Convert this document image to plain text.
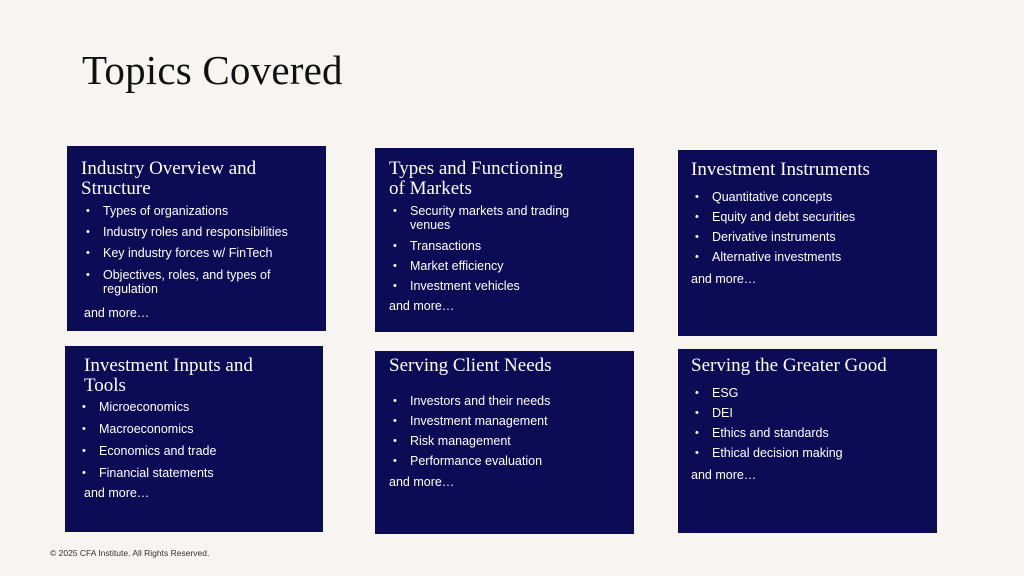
Topics Covered
Industry Overview and
Structure
• Types of organizations
• Industry roles and responsibilities
• Key industry forces w/ FinTech
• Objectives, roles, and types of regulation
and more…
Types and Functioning
of Markets
• Security markets and trading venues
• Transactions
• Market efficiency
• Investment vehicles
and more…
Investment Instruments
• Quantitative concepts
• Equity and debt securities
• Derivative instruments
• Alternative investments
and more…
Investment Inputs and
Tools
• Microeconomics
• Macroeconomics
• Economics and trade
• Financial statements
and more…
Serving Client Needs
• Investors and their needs
• Investment management
• Risk management
• Performance evaluation
and more…
Serving the Greater Good
• ESG
• DEI
• Ethics and standards
• Ethical decision making
and more…
© 2025 CFA Institute. All Rights Reserved.
